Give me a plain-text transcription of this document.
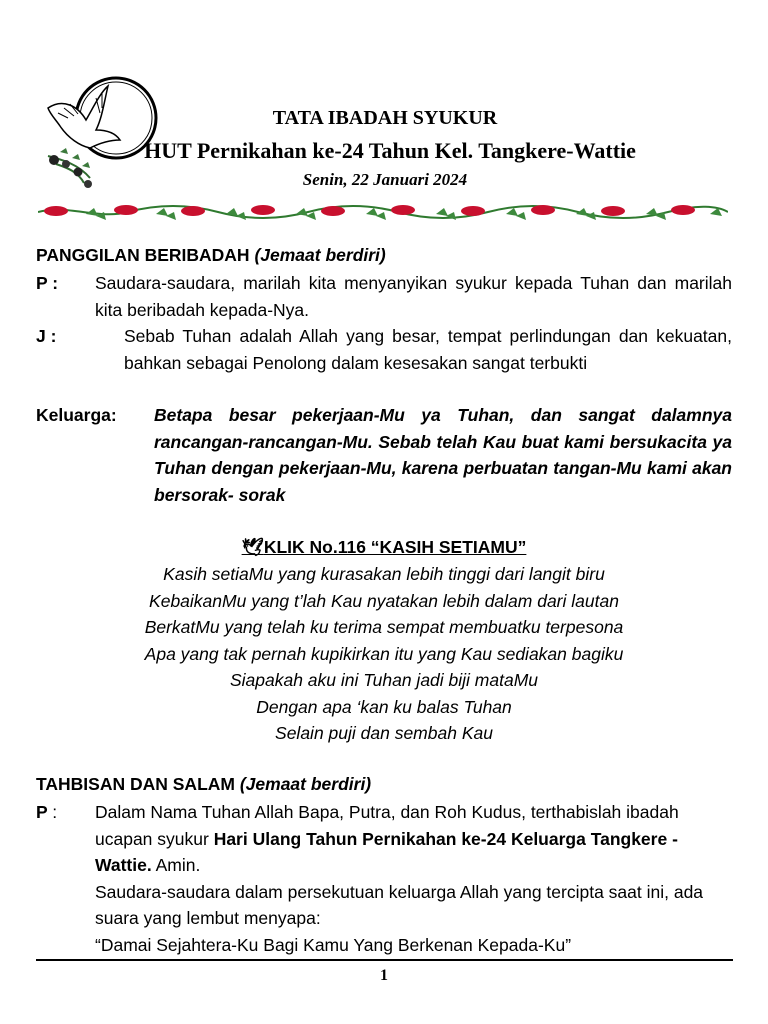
TATA IBADAH SYUKUR
HUT Pernikahan ke-24 Tahun Kel. Tangkere-Wattie
Senin, 22 Januari 2024
PANGGILAN BERIBADAH (Jemaat berdiri)
P : Saudara-saudara, marilah kita menyanyikan syukur kepada Tuhan dan marilah kita beribadah kepada-Nya.
J :	Sebab Tuhan adalah Allah yang besar, tempat perlindungan dan kekuatan, bahkan sebagai Penolong dalam kesesakan sangat terbukti
Keluarga: Betapa besar pekerjaan-Mu ya Tuhan, dan sangat dalamnya rancangan-rancangan-Mu. Sebab telah Kau buat kami bersukacita ya Tuhan dengan pekerjaan-Mu, karena perbuatan tangan-Mu kami akan bersorak- sorak
🕊KLIK No.116 “KASIH SETIAMU”
Kasih setiaMu yang kurasakan lebih tinggi dari langit biru
KebaikanMu yang t’lah Kau nyatakan lebih dalam dari lautan
BerkatMu yang telah ku terima sempat membuatku terpesona
Apa yang tak pernah kupikirkan itu yang Kau sediakan bagiku
Siapakah aku ini Tuhan jadi biji mataMu
Dengan apa ‘kan ku balas Tuhan
Selain puji dan sembah Kau
TAHBISAN DAN SALAM (Jemaat berdiri)
P : Dalam Nama Tuhan Allah Bapa, Putra, dan Roh Kudus, terthabislah ibadah ucapan syukur Hari Ulang Tahun Pernikahan ke-24 Keluarga Tangkere -Wattie. Amin.
Saudara-saudara dalam persekutuan keluarga Allah yang tercipta saat ini, ada suara yang lembut menyapa:
“Damai Sejahtera-Ku Bagi Kamu Yang Berkenan Kepada-Ku”
1
